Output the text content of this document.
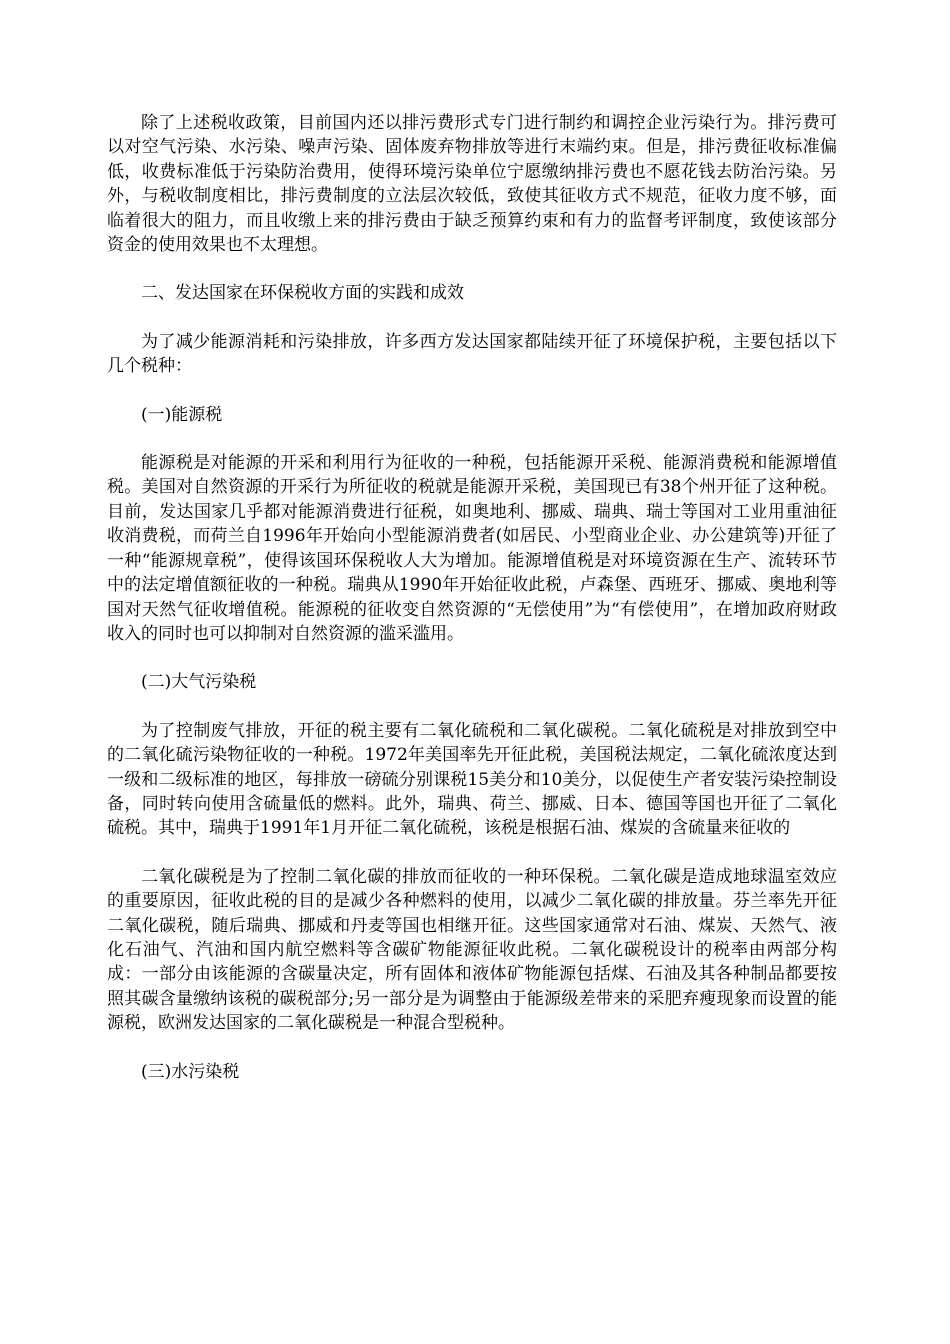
除了上述税收政策，目前国内还以排污费形式专门进行制约和调控企业污染行为。排污费可以对空气污染、水污染、噪声污染、固体废弃物排放等进行末端约束。但是，排污费征收标准偏低，收费标准低于污染防治费用，使得环境污染单位宁愿缴纳排污费也不愿花钱去防治污染。另外，与税收制度相比，排污费制度的立法层次较低，致使其征收方式不规范，征收力度不够，面临着很大的阻力，而且收缴上来的排污费由于缺乏预算约束和有力的监督考评制度，致使该部分资金的使用效果也不太理想。

二、发达国家在环保税收方面的实践和成效

为了减少能源消耗和污染排放，许多西方发达国家都陆续开征了环境保护税，主要包括以下几个税种：

(一)能源税

能源税是对能源的开采和利用行为征收的一种税，包括能源开采税、能源消费税和能源增值税。美国对自然资源的开采行为所征收的税就是能源开采税，美国现已有38个州开征了这种税。目前，发达国家几乎都对能源消费进行征税，如奥地利、挪威、瑞典、瑞士等国对工业用重油征收消费税，而荷兰自1996年开始向小型能源消费者(如居民、小型商业企业、办公建筑等)开征了一种“能源规章税”，使得该国环保税收人大为增加。能源增值税是对环境资源在生产、流转环节中的法定增值额征收的一种税。瑞典从1990年开始征收此税，卢森堡、西班牙、挪威、奥地利等国对天然气征收增值税。能源税的征收变自然资源的“无偿使用”为“有偿使用”，在增加政府财政收入的同时也可以抑制对自然资源的滥采滥用。

(二)大气污染税

为了控制废气排放，开征的税主要有二氧化硫税和二氧化碳税。二氧化硫税是对排放到空中的二氧化硫污染物征收的一种税。1972年美国率先开征此税，美国税法规定，二氧化硫浓度达到一级和二级标准的地区，每排放一磅硫分别课税15美分和10美分，以促使生产者安装污染控制设备，同时转向使用含硫量低的燃料。此外，瑞典、荷兰、挪威、日本、德国等国也开征了二氧化硫税。其中，瑞典于1991年1月开征二氧化硫税，该税是根据石油、煤炭的含硫量来征收的

二氧化碳税是为了控制二氧化碳的排放而征收的一种环保税。二氧化碳是造成地球温室效应的重要原因，征收此税的目的是减少各种燃料的使用，以减少二氧化碳的排放量。芬兰率先开征二氧化碳税，随后瑞典、挪威和丹麦等国也相继开征。这些国家通常对石油、煤炭、天然气、液化石油气、汽油和国内航空燃料等含碳矿物能源征收此税。二氧化碳税设计的税率由两部分构成：一部分由该能源的含碳量决定，所有固体和液体矿物能源包括煤、石油及其各种制品都要按照其碳含量缴纳该税的碳税部分;另一部分是为调整由于能源级差带来的采肥弃瘦现象而设置的能源税，欧洲发达国家的二氧化碳税是一种混合型税种。

(三)水污染税
